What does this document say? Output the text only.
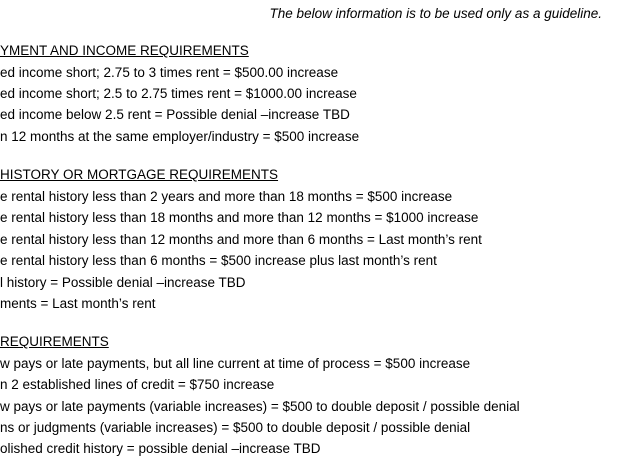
The below information is to be used only as a guideline.
YMENT AND INCOME REQUIREMENTS
ed income short; 2.75 to 3 times rent = $500.00 increase
ed income short; 2.5 to 2.75 times rent = $1000.00 increase
ed income below 2.5 rent = Possible denial –increase TBD
n 12 months at the same employer/industry = $500 increase
HISTORY OR MORTGAGE REQUIREMENTS
e rental history less than 2 years and more than 18 months = $500 increase
e rental history less than 18 months and more than 12 months = $1000 increase
e rental history less than 12 months and more than 6 months = Last month’s rent
e rental history less than 6 months = $500 increase plus last month’s rent
l history = Possible denial –increase TBD
ments = Last month’s rent
REQUIREMENTS
w pays or late payments, but all line current at time of process = $500 increase
n 2 established lines of credit = $750 increase
w pays or late payments (variable increases) = $500 to double deposit / possible denial
ns or judgments (variable increases) = $500 to double deposit / possible denial
olished credit history = possible denial –increase TBD
